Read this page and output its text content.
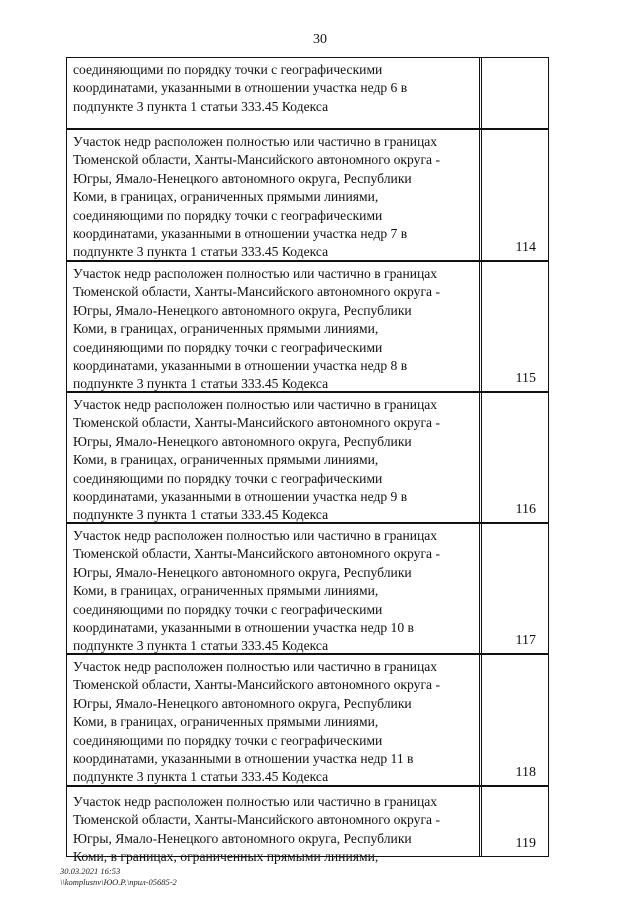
30
соединяющими по порядку точки с географическими
координатами, указанными в отношении участка недр 6 в
подпункте 3 пункта 1 статьи 333.45 Кодекса
Участок недр расположен полностью или частично в границах
Тюменской области, Ханты-Мансийского автономного округа -
Югры, Ямало-Ненецкого автономного округа, Республики
Коми, в границах, ограниченных прямыми линиями,
соединяющими по порядку точки с географическими
координатами, указанными в отношении участка недр 7 в
подпункте 3 пункта 1 статьи 333.45 Кодекса	114
Участок недр расположен полностью или частично в границах
Тюменской области, Ханты-Мансийского автономного округа -
Югры, Ямало-Ненецкого автономного округа, Республики
Коми, в границах, ограниченных прямыми линиями,
соединяющими по порядку точки с географическими
координатами, указанными в отношении участка недр 8 в
подпункте 3 пункта 1 статьи 333.45 Кодекса	115
Участок недр расположен полностью или частично в границах
Тюменской области, Ханты-Мансийского автономного округа -
Югры, Ямало-Ненецкого автономного округа, Республики
Коми, в границах, ограниченных прямыми линиями,
соединяющими по порядку точки с географическими
координатами, указанными в отношении участка недр 9 в
подпункте 3 пункта 1 статьи 333.45 Кодекса	116
Участок недр расположен полностью или частично в границах
Тюменской области, Ханты-Мансийского автономного округа -
Югры, Ямало-Ненецкого автономного округа, Республики
Коми, в границах, ограниченных прямыми линиями,
соединяющими по порядку точки с географическими
координатами, указанными в отношении участка недр 10 в
подпункте 3 пункта 1 статьи 333.45 Кодекса	117
Участок недр расположен полностью или частично в границах
Тюменской области, Ханты-Мансийского автономного округа -
Югры, Ямало-Ненецкого автономного округа, Республики
Коми, в границах, ограниченных прямыми линиями,
соединяющими по порядку точки с географическими
координатами, указанными в отношении участка недр 11 в
подпункте 3 пункта 1 статьи 333.45 Кодекса	118
Участок недр расположен полностью или частично в границах
Тюменской области, Ханты-Мансийского автономного округа -
Югры, Ямало-Ненецкого автономного округа, Республики
Коми, в границах, ограниченных прямыми линиями,
119
30.03.2021 16:53
\\komplusnv\ЮО.Р.\прил-05685-2
